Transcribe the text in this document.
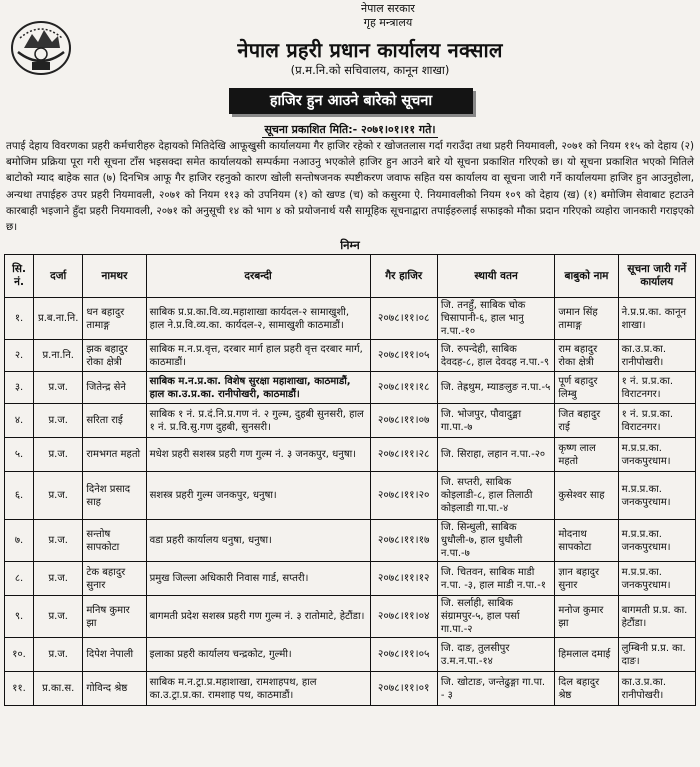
नेपाल सरकार
गृह मन्त्रालय
नेपाल प्रहरी प्रधान कार्यालय नक्साल
(प्र.म.नि.को सचिवालय, कानून शाखा)
हाजिर हुन आउने बारेको सूचना
सूचना प्रकाशित मिति:- २०७१।०१।११ गते।
तपाई देहाय विवरणका प्रहरी कर्मचारीहरु देहायको मितिदेखि आफूखुसी कार्यालयमा गैर हाजिर रहेको र खोजतलास गर्दा गराउँदा तथा प्रहरी नियमावली, २०७१ को नियम ११५ को देहाय (२) बमोजिम प्रक्रिया पूरा गरी सूचना टाँस भइसक्दा समेत कार्यालयको सम्पर्कमा नआउनु भएकोले हाजिर हुन आउने बारे यो सूचना प्रकाशित गरिएको छ। यो सूचना प्रकाशित भएको मितिले बाटोको म्याद बाहेक सात (७) दिनभित्र आफू गैर हाजिर रहनुको कारण खोली सन्तोषजनक स्पष्टीकरण जवाफ सहित यस कार्यालय वा सूचना जारी गर्ने कार्यालयमा हाजिर हुन आउनुहोला, अन्यथा तपाईहरु उपर प्रहरी नियमावली, २०७१ को नियम ११३ को उपनियम (१) को खण्ड (च) को कसुरमा ऐ. नियमावलीको नियम १०९ को देहाय (ख) (१) बमोजिम सेवाबाट हटाउने कारबाही भइजाने हुँदा प्रहरी नियमावली, २०७१ को अनुसूची १४ को भाग ४ को प्रयोजनार्थ यसै सामूहिक सूचनाद्वारा तपाईहरुलाई सफाइको मौका प्रदान गरिएको व्यहोरा जानकारी गराइएको छ।
निम्न
सि. नं.	दर्जा	नामथर	दरबन्दी	गैर हाजिर	स्थायी वतन	बाबुको नाम	सूचना जारी गर्ने कार्यालय
१.	प्र.ब.ना.नि.	धन बहादुर तामाङ्ग	साबिक प्र.प्र.का.वि.व्य.महाशाखा कार्यदल-२ सामाखुशी, हाल ने.प्र.वि.व्य.का. कार्यदल-२, सामाखुशी काठमाडौं।	२०७८।११।०८	जि. तनहुँ, साबिक चोक चिसापानी-६, हाल भानु न.पा.-१०	जमान सिंह तामाङ्ग	ने.प्र.प्र.का. कानून शाखा।
२.	प्र.ना.नि.	झक बहादुर रोका क्षेत्री	साबिक म.न.प्र.वृत्त, दरबार मार्ग हाल प्रहरी वृत्त दरबार मार्ग, काठमाडौं।	२०७८।११।०५	जि. रुपन्देही, साबिक देवदह-८, हाल देवदह न.पा.-९	राम बहादुर रोका क्षेत्री	का.उ.प्र.का. रानीपोखरी।
३.	प्र.ज.	जितेन्द्र सेने	साबिक म.न.प्र.का. विशेष सुरक्षा महाशाखा, काठमाडौं, हाल का.उ.प्र.का. रानीपोखरी, काठमाडौं।	२०७८।११।१८	जि. तेह्रथुम, म्याङलुङ न.पा.-५	पूर्ण बहादुर लिम्बु	१ नं. प्र.प्र.का. विराटनगर।
४.	प्र.ज.	सरिता राई	साबिक १ नं. प्र.दं.नि.प्र.गण नं. २ गुल्म, दुहबी सुनसरी, हाल १ नं. प्र.वि.सु.गण दुहबी, सुनसरी।	२०७८।११।०७	जि. भोजपुर, पौवादुङ्मा गा.पा.-७	जित बहादुर राई	१ नं. प्र.प्र.का. विराटनगर।
५.	प्र.ज.	रामभगत महतो	मधेश प्रहरी सशस्त्र प्रहरी गण गुल्म नं. ३ जनकपुर, धनुषा।	२०७८।११।२८	जि. सिराहा, लहान न.पा.-२०	कृष्ण लाल महतो	म.प्र.प्र.का. जनकपुरधाम।
६.	प्र.ज.	दिनेश प्रसाद साह	सशस्त्र प्रहरी गुल्म जनकपुर, धनुषा।	२०७८।११।२०	जि. सप्तरी, साबिक कोइलाडी-८, हाल तिलाठी कोइलाडी गा.पा.-४	कुसेश्वर साह	म.प्र.प्र.का. जनकपुरधाम।
७.	प्र.ज.	सन्तोष सापकोटा	वडा प्रहरी कार्यालय धनुषा, धनुषा।	२०७८।११।१७	जि. सिन्धुली, साबिक धुधौली-७, हाल धुधौली न.पा.-७	मोदनाथ सापकोटा	म.प्र.प्र.का. जनकपुरधाम।
८.	प्र.ज.	टेक बहादुर सुनार	प्रमुख जिल्ला अधिकारी निवास गार्ड, सप्तरी।	२०७८।११।१२	जि. चितवन, साबिक माडी न.पा. -३, हाल माडी न.पा.-१	ज्ञान बहादुर सुनार	म.प्र.प्र.का. जनकपुरधाम।
९.	प्र.ज.	मनिष कुमार झा	बागमती प्रदेश सशस्त्र प्रहरी गण गुल्म नं. ३ रातोमाटे, हेटौंडा।	२०७८।११।०४	जि. सर्लाही, साबिक संग्रामपुर-५, हाल पर्सा गा.पा.-२	मनोज कुमार झा	बागमती प्र.प्र. का. हेटौंडा।
१०.	प्र.ज.	दिपेश नेपाली	इलाका प्रहरी कार्यालय चन्द्रकोट, गुल्मी।	२०७८।११।०५	जि. दाङ, तुलसीपुर उ.म.न.पा.-१४	हिमलाल दमाई	लुम्बिनी प्र.प्र. का. दाङ।
११.	प्र.का.स.	गोविन्द श्रेष्ठ	साबिक म.न.ट्रा.प्र.महाशाखा, रामशाहपथ, हाल का.उ.ट्रा.प्र.का. रामशाह पथ, काठमाडौं।	२०७८।११।०१	जि. खोटाङ, जन्तेढुङ्गा गा.पा. - ३	दिल बहादुर श्रेष्ठ	का.उ.प्र.का. रानीपोखरी।
